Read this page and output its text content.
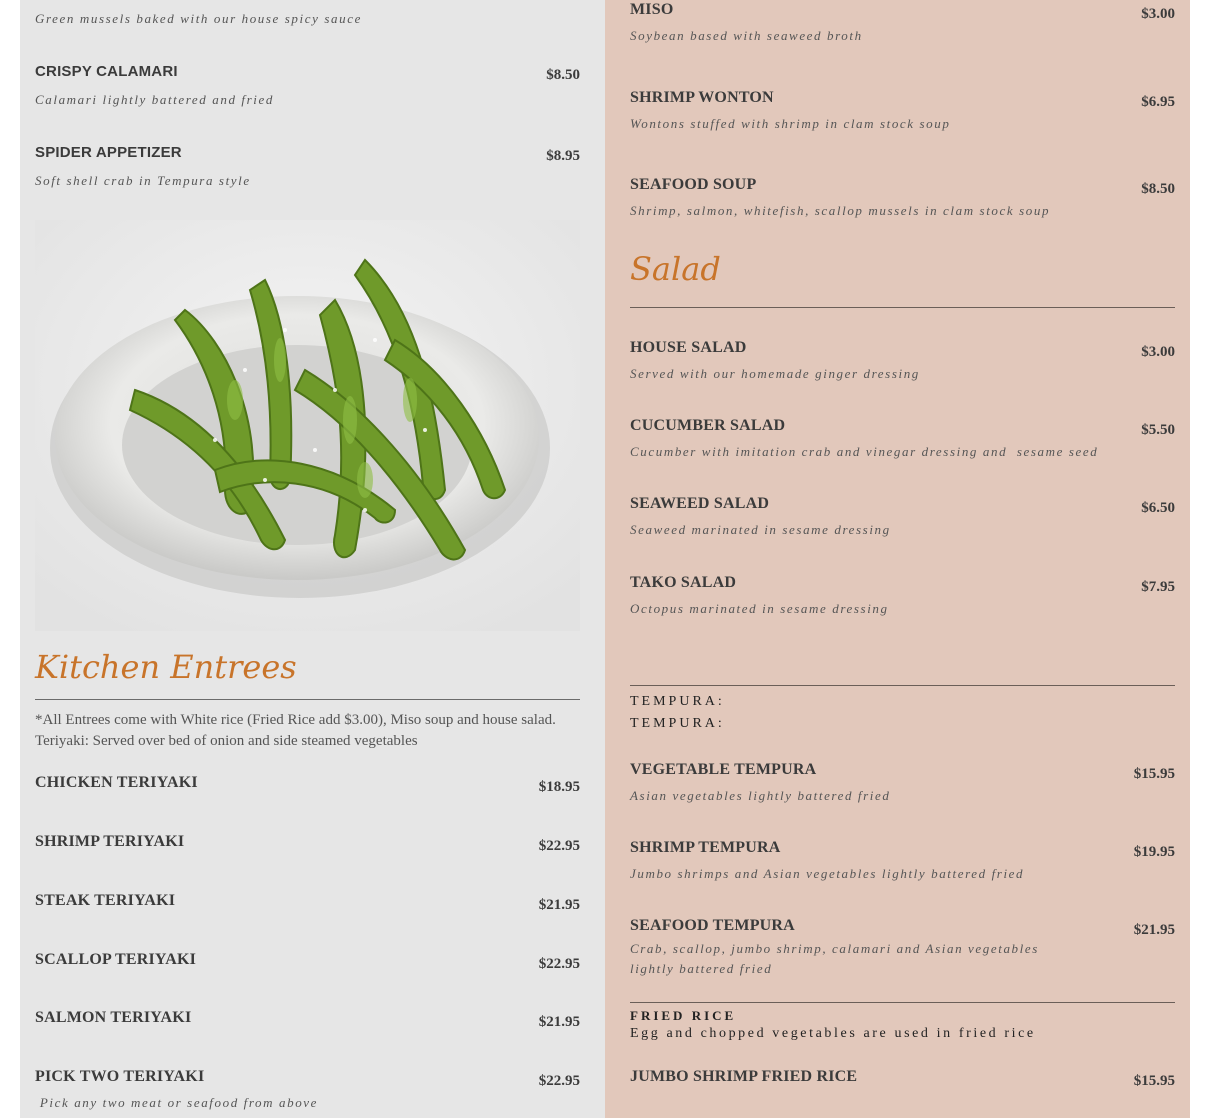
Green mussels baked with our house spicy sauce
CRISPY CALAMARI	$8.50
Calamari lightly battered and fried
SPIDER APPETIZER	$8.95
Soft shell crab in Tempura style
Kitchen Entrees
*All Entrees come with White rice (Fried Rice add $3.00), Miso soup and house salad.
Teriyaki: Served over bed of onion and side steamed vegetables
CHICKEN TERIYAKI	$18.95
SHRIMP TERIYAKI	$22.95
STEAK TERIYAKI	$21.95
SCALLOP TERIYAKI	$22.95
SALMON TERIYAKI	$21.95
PICK TWO TERIYAKI	$22.95
Pick any two meat or seafood from above
MISO	$3.00
Soybean based with seaweed broth
SHRIMP WONTON	$6.95
Wontons stuffed with shrimp in clam stock soup
SEAFOOD SOUP	$8.50
Shrimp, salmon, whitefish, scallop mussels in clam stock soup
Salad
HOUSE SALAD	$3.00
Served with our homemade ginger dressing
CUCUMBER SALAD	$5.50
Cucumber with imitation crab and vinegar dressing and  sesame seed
SEAWEED SALAD	$6.50
Seaweed marinated in sesame dressing
TAKO SALAD	$7.95
Octopus marinated in sesame dressing
TEMPURA:
TEMPURA:
VEGETABLE TEMPURA	$15.95
Asian vegetables lightly battered fried
SHRIMP TEMPURA	$19.95
Jumbo shrimps and Asian vegetables lightly battered fried
SEAFOOD TEMPURA	$21.95
Crab, scallop, jumbo shrimp, calamari and Asian vegetables
lightly battered fried
FRIED RICE
Egg and chopped vegetables are used in fried rice
JUMBO SHRIMP FRIED RICE	$15.95
